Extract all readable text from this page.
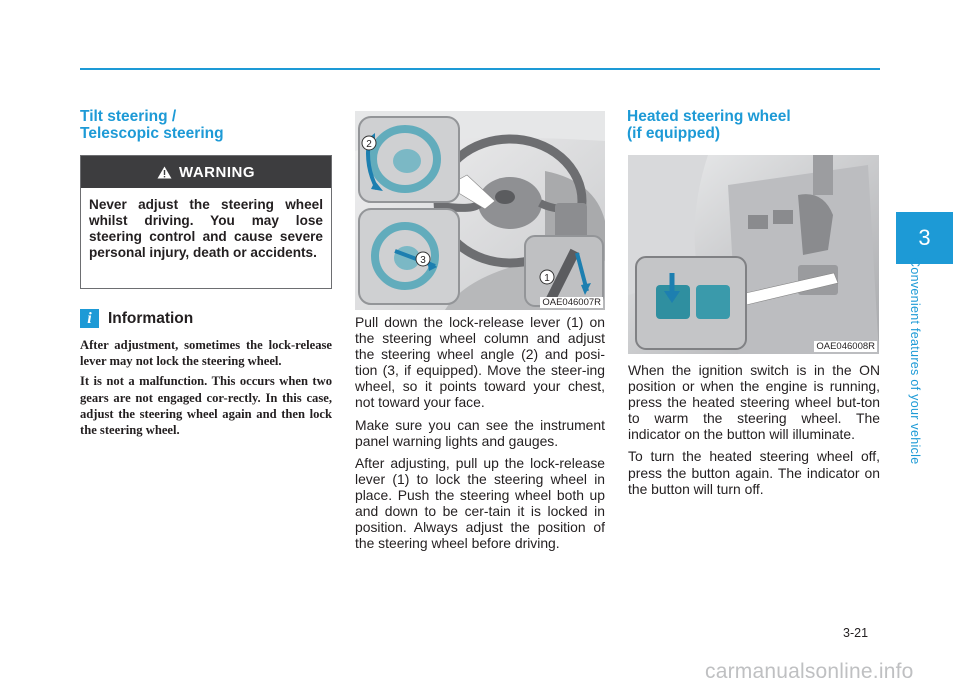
Tilt steering /
Telescopic steering
WARNING
Never adjust the steering wheel whilst driving. You may lose steering control and cause severe personal injury, death or accidents.
i	Information

After adjustment, sometimes the lock-release lever may not lock the steering wheel.

It is not a malfunction. This occurs when two gears are not engaged cor-rectly. In this case, adjust the steering wheel again and then lock the steering wheel.

2
3
1
OAE046007R

Pull down the lock-release lever (1) on the steering wheel column and adjust the steering wheel angle (2) and posi-tion (3, if equipped). Move the steer-ing wheel, so it points toward your chest, not toward your face.

Make sure you can see the instrument panel warning lights and gauges.

After adjusting, pull up the lock-release lever (1) to lock the steering wheel in place. Push the steering wheel both up and down to be cer-tain it is locked in position. Always adjust the position of the steering wheel before driving.

Heated steering wheel
(if equipped)
OAE046008R

When the ignition switch is in the ON position or when the engine is running, press the heated steering wheel but-ton to warm the steering wheel. The indicator on the button will illuminate.

To turn the heated steering wheel off, press the button again. The indicator on the button will turn off.

3
Convenient features of your vehicle
3-21
carmanualsonline.info
